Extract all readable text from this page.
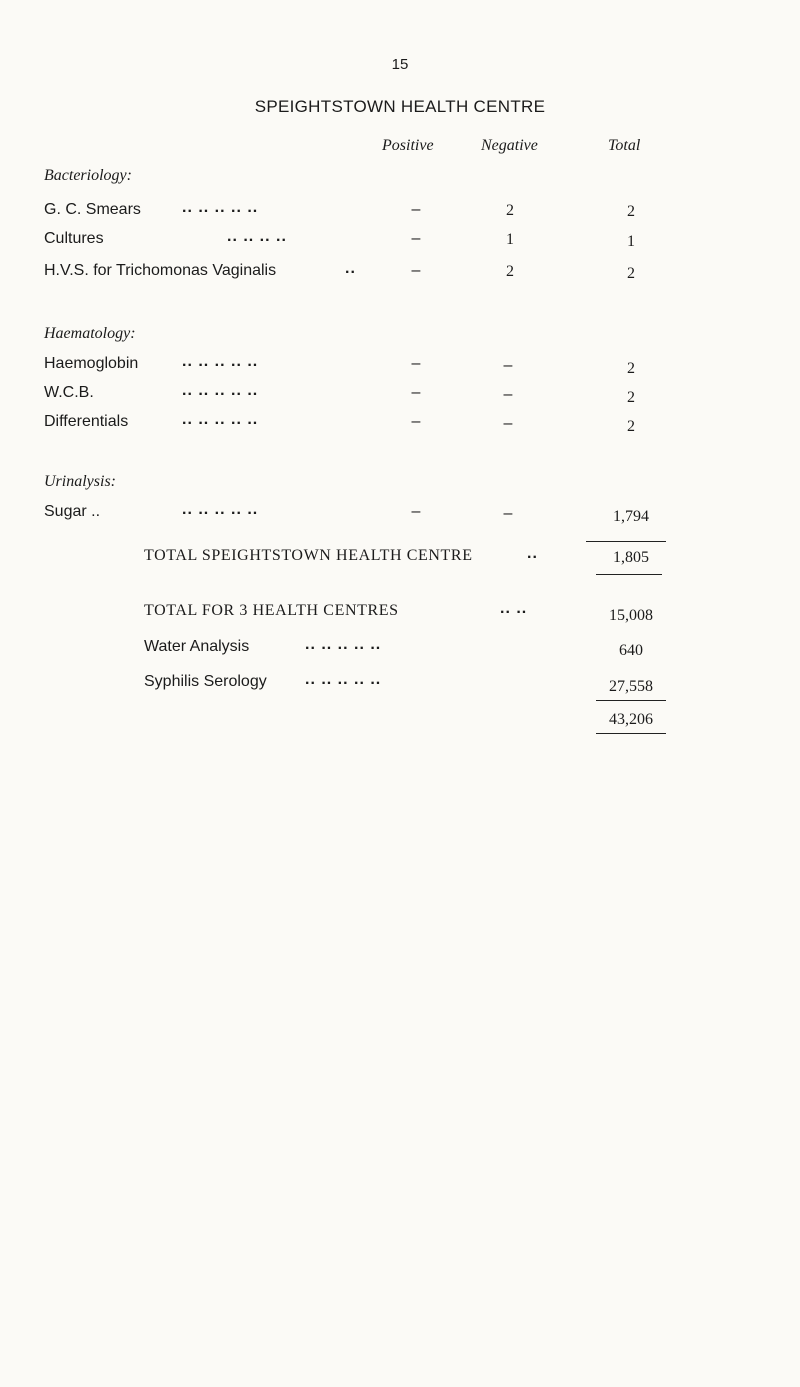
15
SPEIGHTSTOWN HEALTH CENTRE
Positive	Negative	Total
Bacteriology:
G. C. Smears	.. .. .. .. ..	–	2	2
Cultures	.. .. .. ..	–	1	1
H.V.S. for Trichomonas Vaginalis	..	–	2	2
Haematology:
Haemoglobin	.. .. .. .. ..	–	–	2
W.C.B.	.. .. .. .. ..	–	–	2
Differentials	.. .. .. .. ..	–	–	2
Urinalysis:
Sugar ..	.. .. .. .. ..	–	–	1,794
TOTAL SPEIGHTSTOWN HEALTH CENTRE	..	1,805
TOTAL FOR 3 HEALTH CENTRES	.. ..	15,008
Water Analysis	.. .. .. .. ..	640
Syphilis Serology .. .. .. .. ..	27,558
43,206
